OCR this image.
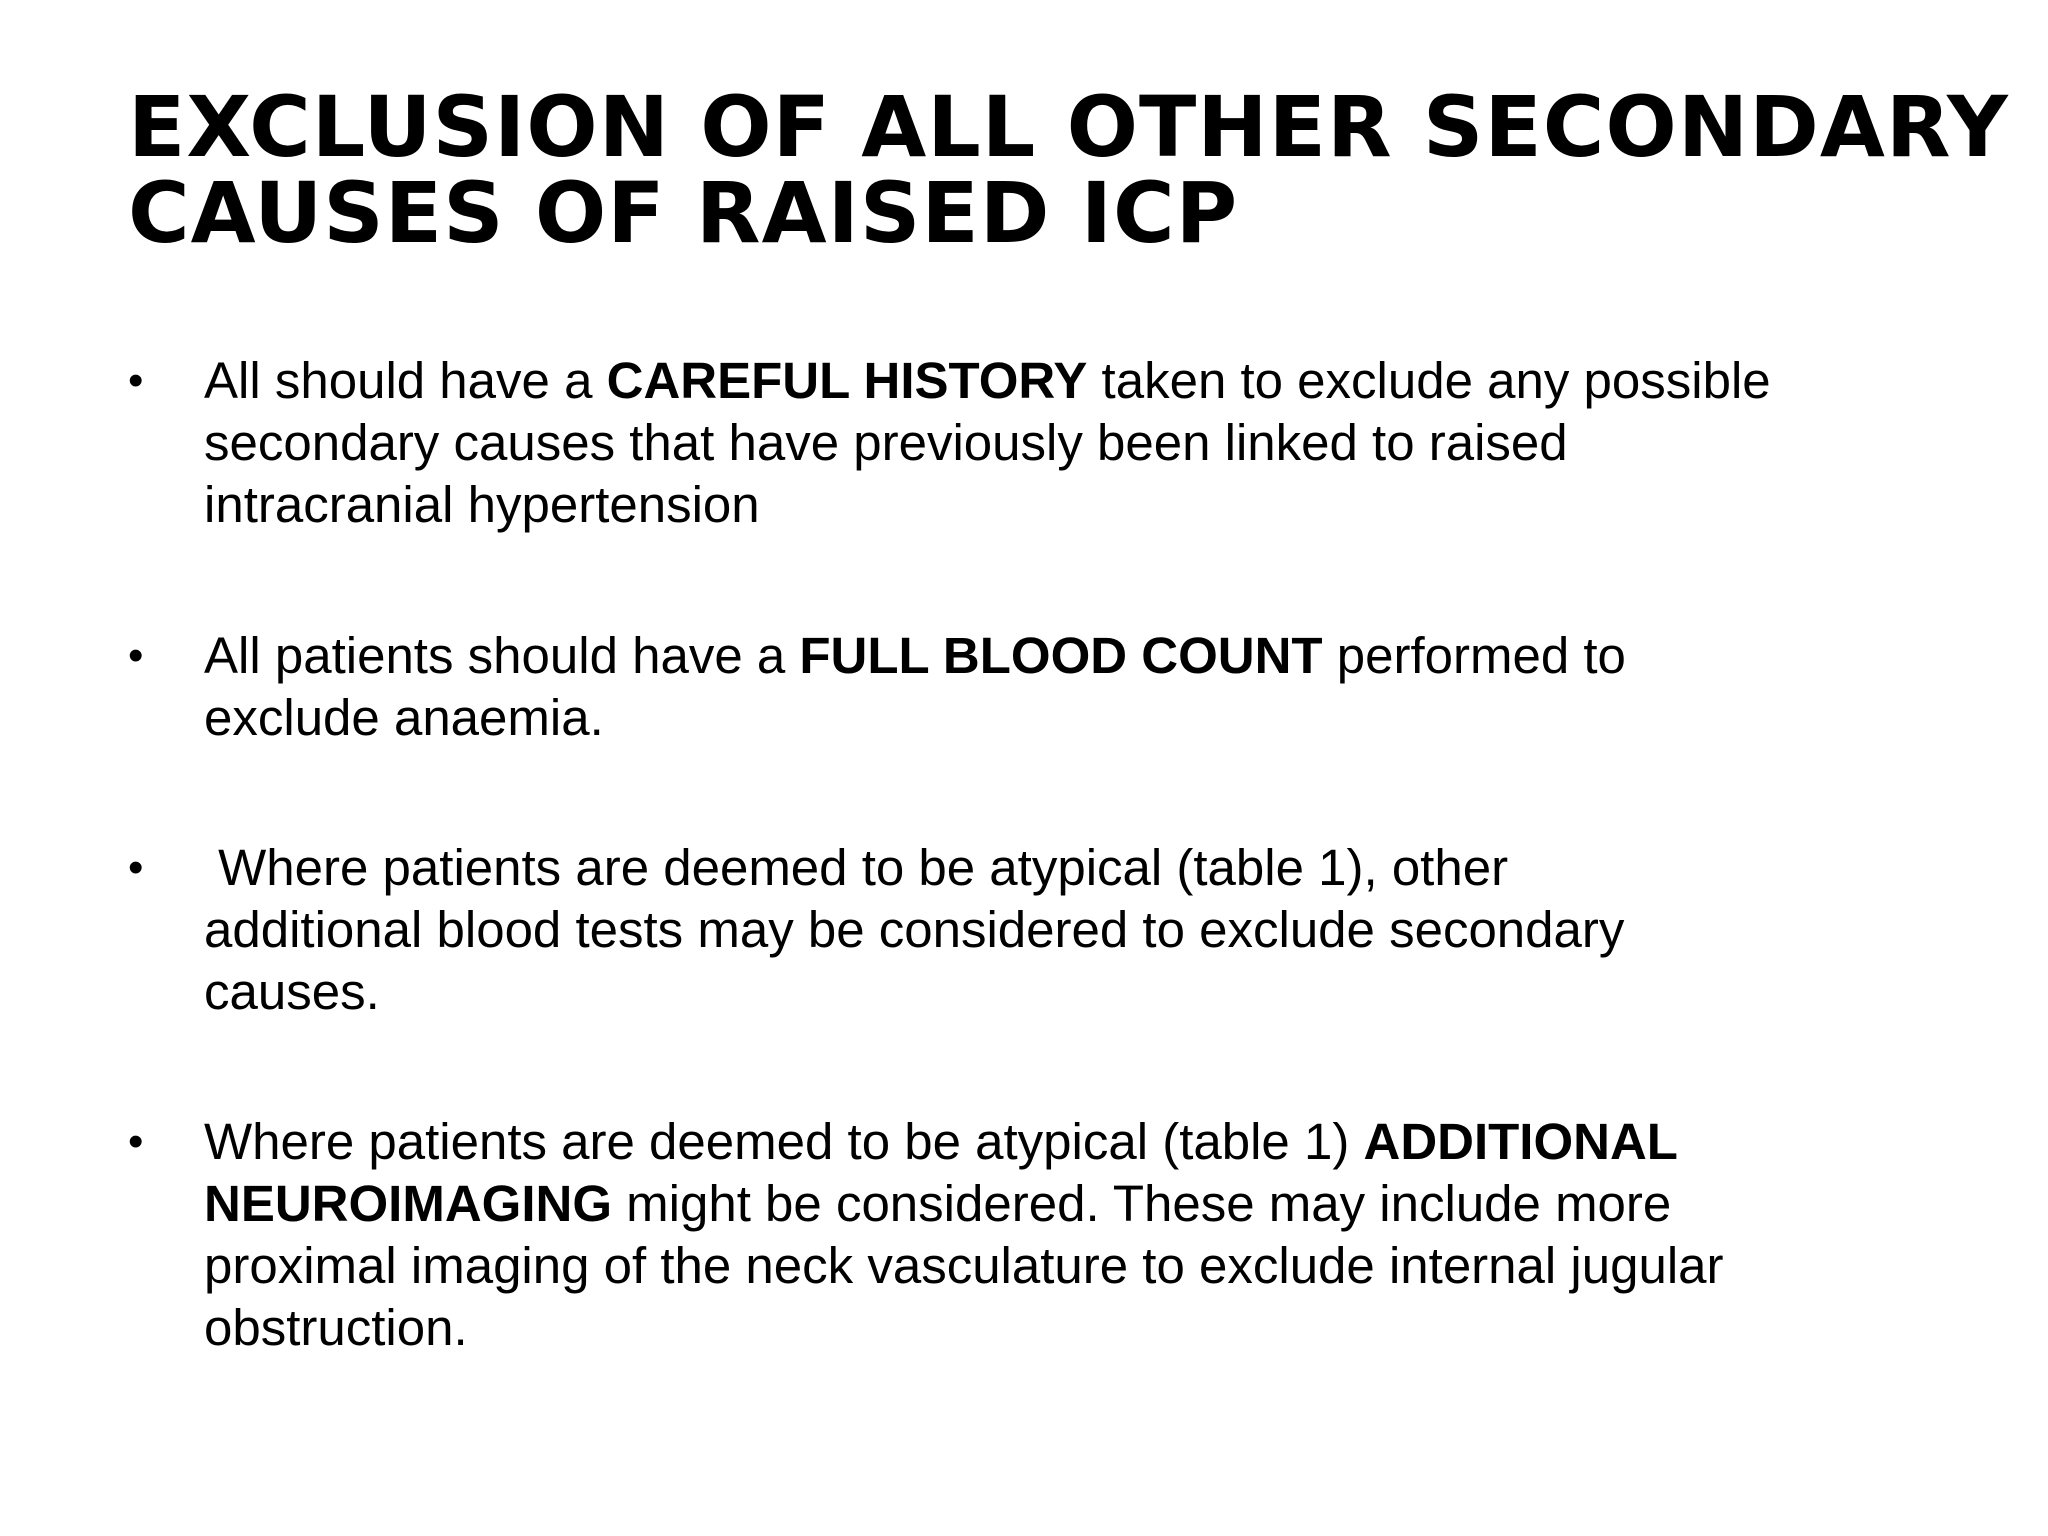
EXCLUSION OF ALL OTHER SECONDARY
CAUSES OF RAISED ICP
•	All should have a CAREFUL HISTORY taken to exclude any possible
secondary causes that have previously been linked to raised
intracranial hypertension
•	All patients should have a FULL BLOOD COUNT performed to
exclude anaemia.
•	Where patients are deemed to be atypical (table 1), other
additional blood tests may be considered to exclude secondary
causes.
•	Where patients are deemed to be atypical (table 1) ADDITIONAL
NEUROIMAGING might be considered. These may include more
proximal imaging of the neck vasculature to exclude internal jugular
obstruction.
